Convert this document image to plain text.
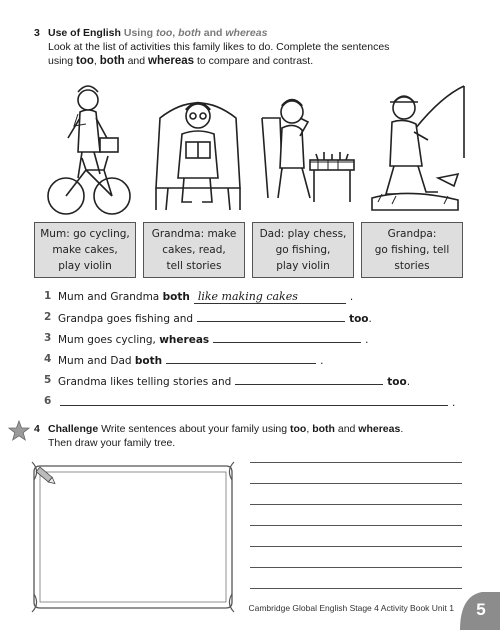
3 Use of English Using too, both and whereas
Look at the list of activities this family likes to do. Complete the sentences
using too, both and whereas to compare and contrast.
Mum: go cycling,
make cakes,
play violin
Grandma: make
cakes, read,
tell stories
Dad: play chess,
go fishing,
play violin
Grandpa:
go fishing, tell
stories
1 Mum and Grandma both like making cakes	.
2 Grandpa goes fishing and	too.
3 Mum goes cycling, whereas	.
4 Mum and Dad both	.
5 Grandma likes telling stories and	too.
6	.
4 Challenge Write sentences about your family using too, both and whereas.
Then draw your family tree.
Cambridge Global English Stage 4 Activity Book Unit 1	5
